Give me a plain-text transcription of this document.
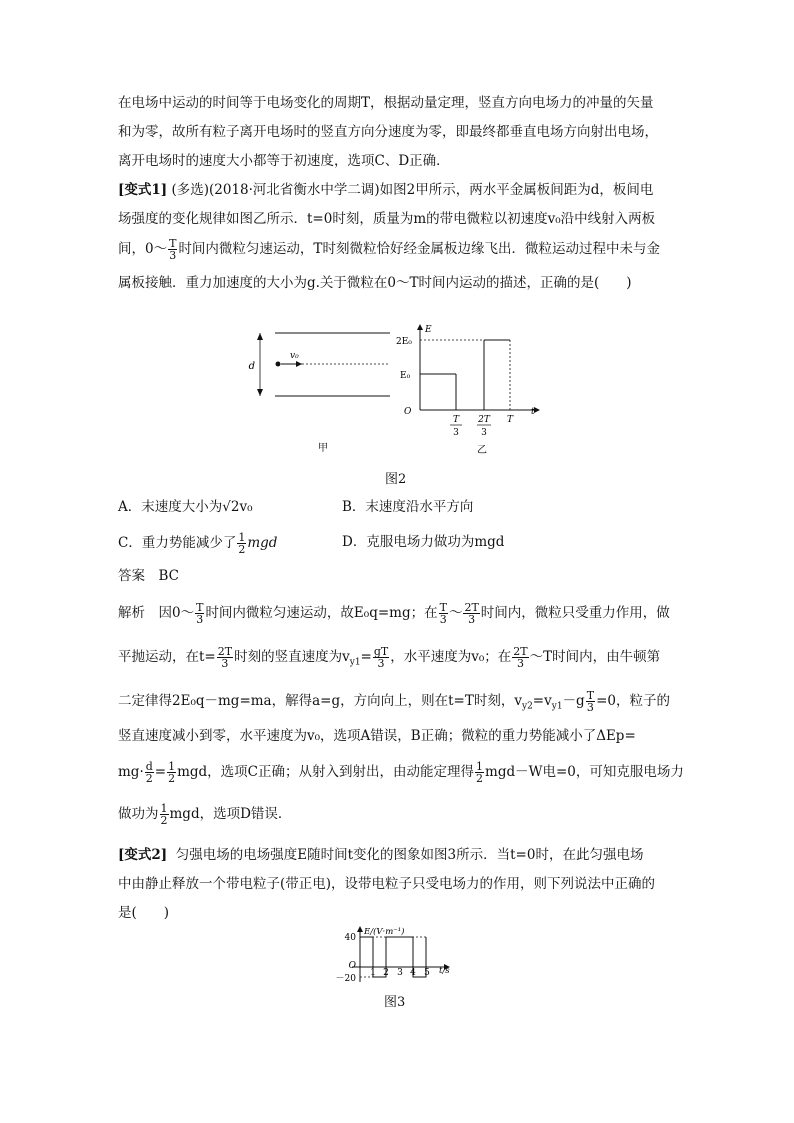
在电场中运动的时间等于电场变化的周期T，根据动量定理，竖直方向电场力的冲量的矢量
和为零，故所有粒子离开电场时的竖直方向分速度为零，即最终都垂直电场方向射出电场，
离开电场时的速度大小都等于初速度，选项C、D正确．
[变式1] (多选)(2018·河北省衡水中学二调)如图2甲所示，两水平金属板间距为d，板间电
场强度的变化规律如图乙所示．t=0时刻，质量为m的带电微粒以初速度v₀沿中线射入两板
间，0～ $\frac{T}{3}$ 时间内微粒匀速运动，T时刻微粒恰好经金属板边缘飞出．微粒运动过程中未与金
属板接触．重力加速度的大小为g.关于微粒在0～T时间内运动的描述，正确的是(　　)
d
v₀
E
t
O
2E₀
E₀
T
3
2T
3
T
甲	乙
图2
A．末速度大小为√2v₀	B．末速度沿水平方向
C．重力势能减少了 $\frac{1}{2}$ mgd	D．克服电场力做功为mgd
答案　BC
解析　因0～ $\frac{T}{3}$ 时间内微粒匀速运动，故E₀q=mg；在 $\frac{T}{3}$ ～ $\frac{2T}{3}$ 时间内，微粒只受重力作用，做
平抛运动，在$t= \frac{2T}{3}$ 时刻的竖直速度为$v_{y1}= \frac{gT}{3}$ ，水平速度为v₀；在 $\frac{2T}{3}$ ～T时间内，由牛顿第
二定律得2E₀q－mg=ma，解得a=g，方向向上，则在t=T时刻，$v_{y2}=v_{y1}-g \frac{T}{3} =0$，粒子的
竖直速度减小到零，水平速度为v₀，选项A错误，B正确；微粒的重力势能减小了ΔEp=
$mg\cdot \frac{d}{2} = \frac{1}{2}$ mgd，选项C正确；从射入到射出，由动能定理得 $\frac{1}{2} mgd-W$电=0，可知克服电场力
做功为 $\frac{1}{2}$ mgd，选项D错误．
[变式2] 匀强电场的电场强度E随时间t变化的图象如图3所示．当t=0时，在此匀强电场
中由静止释放一个带电粒子(带正电)，设带电粒子只受电场力的作用，则下列说法中正确的
是(　　)
E/(V·m⁻¹)
t/s
40
－20
O
1 2 3 4 5
图3
